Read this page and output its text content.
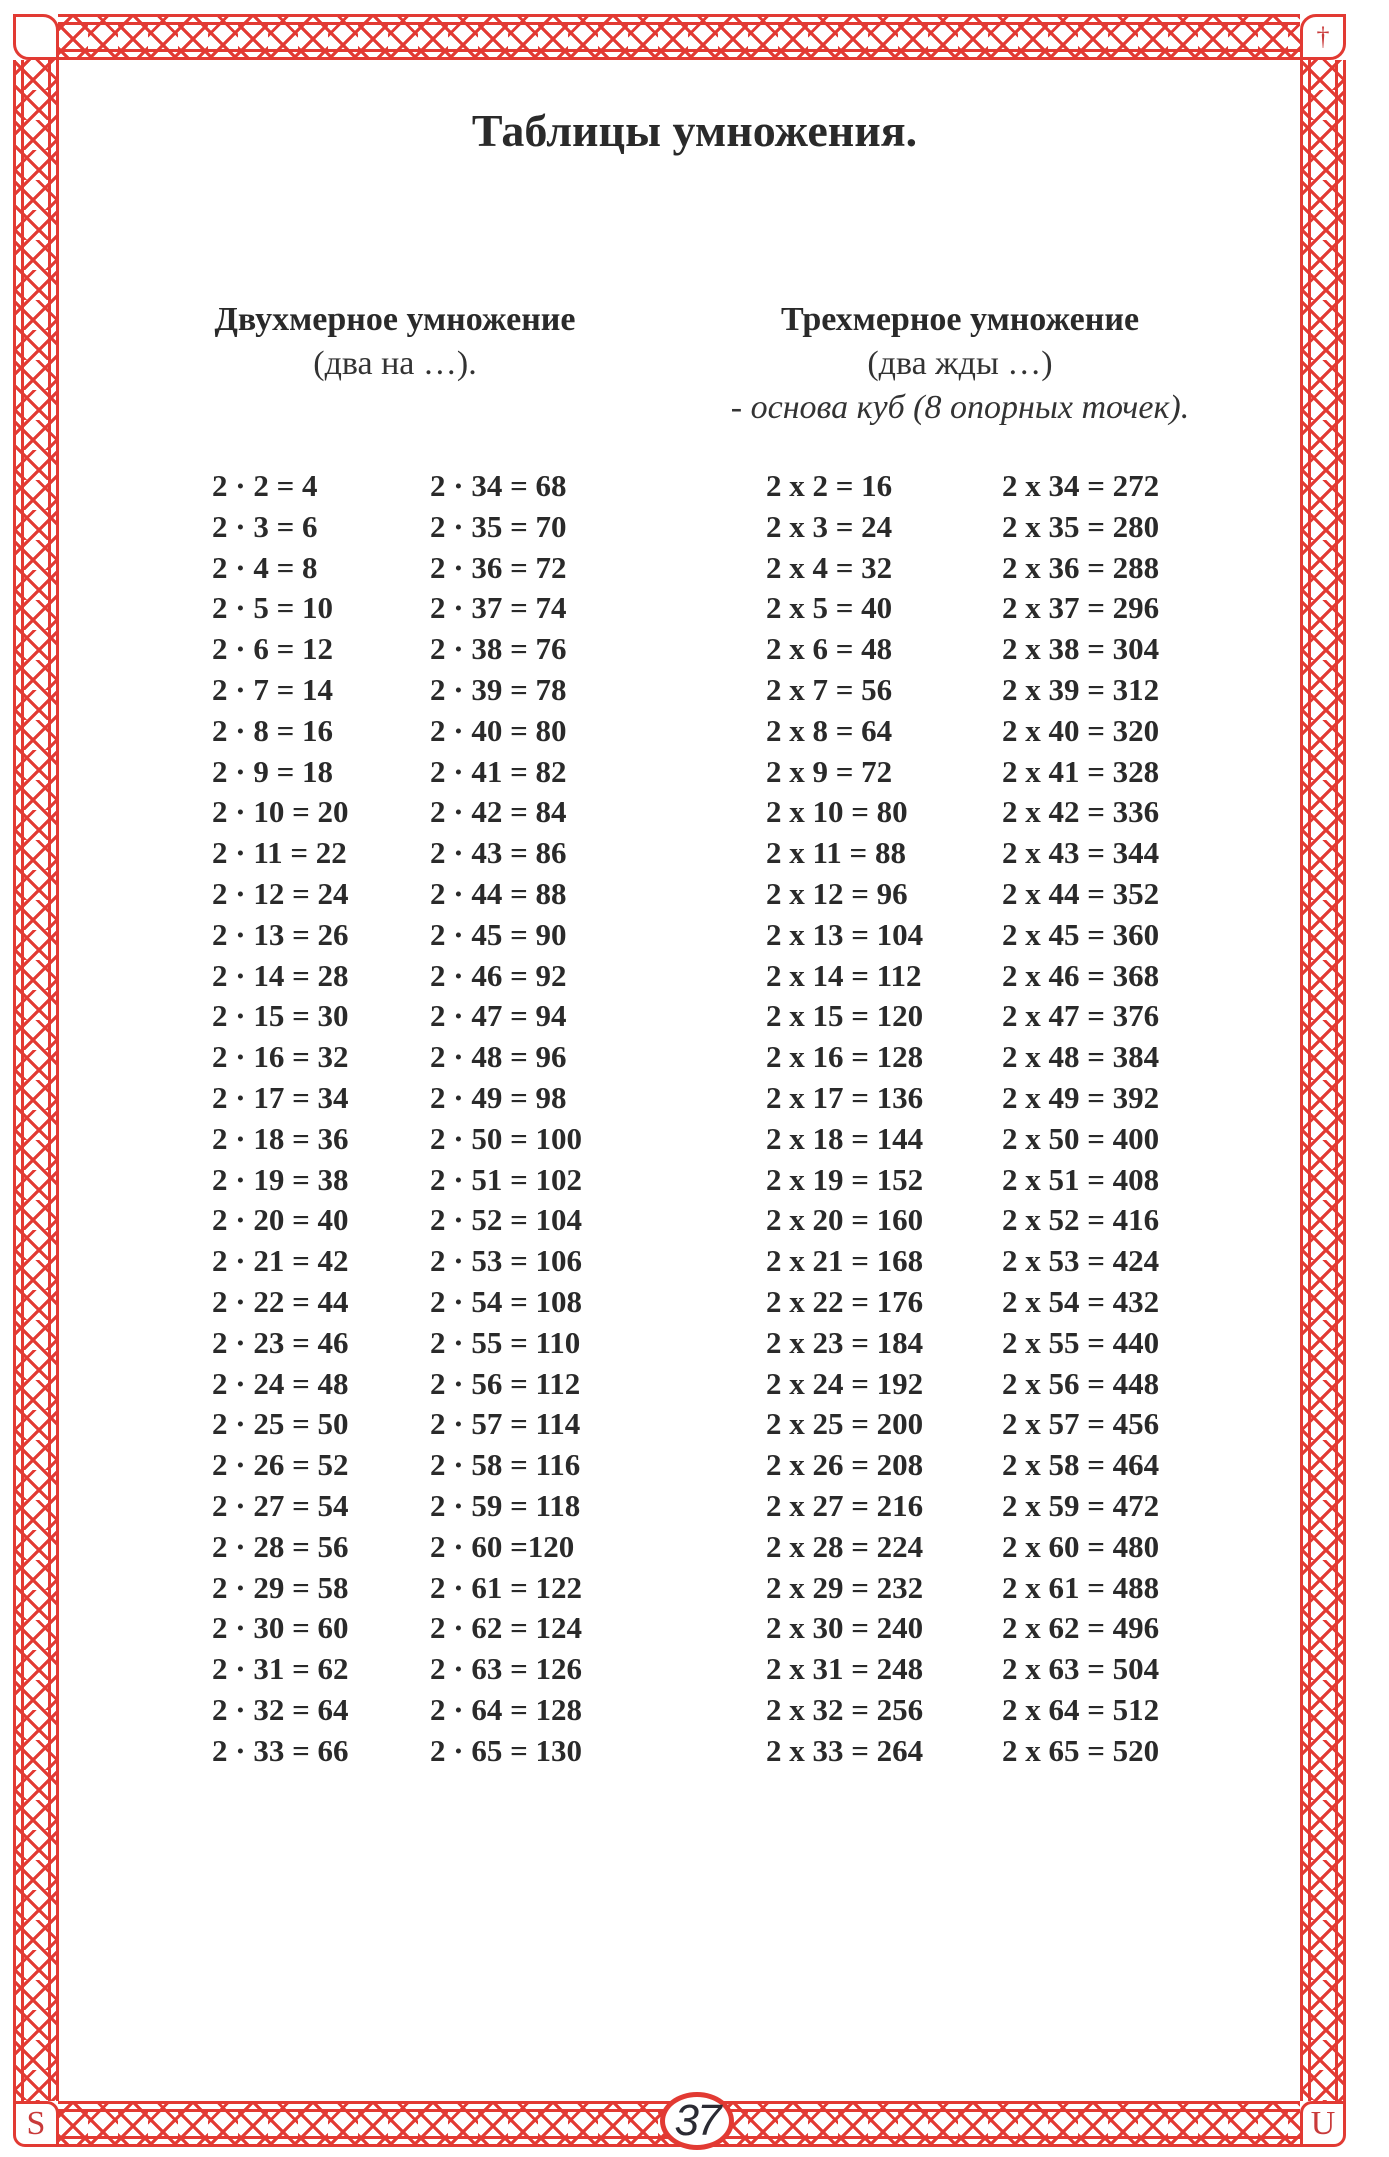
†
S	U
37
Таблицы умножения.
Двухмерное умножение
(два на …).
Трехмерное умножение
(два жды …)
- основа куб (8 опорных точек).
2 · 2 = 4
2 · 3 = 6
2 · 4 = 8
2 · 5 = 10
2 · 6 = 12
2 · 7 = 14
2 · 8 = 16
2 · 9 = 18
2 · 10 = 20
2 · 11 = 22
2 · 12 = 24
2 · 13 = 26
2 · 14 = 28
2 · 15 = 30
2 · 16 = 32
2 · 17 = 34
2 · 18 = 36
2 · 19 = 38
2 · 20 = 40
2 · 21 = 42
2 · 22 = 44
2 · 23 = 46
2 · 24 = 48
2 · 25 = 50
2 · 26 = 52
2 · 27 = 54
2 · 28 = 56
2 · 29 = 58
2 · 30 = 60
2 · 31 = 62
2 · 32 = 64
2 · 33 = 66
2 · 34 = 68
2 · 35 = 70
2 · 36 = 72
2 · 37 = 74
2 · 38 = 76
2 · 39 = 78
2 · 40 = 80
2 · 41 = 82
2 · 42 = 84
2 · 43 = 86
2 · 44 = 88
2 · 45 = 90
2 · 46 = 92
2 · 47 = 94
2 · 48 = 96
2 · 49 = 98
2 · 50 = 100
2 · 51 = 102
2 · 52 = 104
2 · 53 = 106
2 · 54 = 108
2 · 55 = 110
2 · 56 = 112
2 · 57 = 114
2 · 58 = 116
2 · 59 = 118
2 · 60 =120
2 · 61 = 122
2 · 62 = 124
2 · 63 = 126
2 · 64 = 128
2 · 65 = 130
2 x 2 = 16
2 x 3 = 24
2 x 4 = 32
2 x 5 = 40
2 x 6 = 48
2 x 7 = 56
2 x 8 = 64
2 x 9 = 72
2 x 10 = 80
2 x 11 = 88
2 x 12 = 96
2 x 13 = 104
2 x 14 = 112
2 x 15 = 120
2 x 16 = 128
2 x 17 = 136
2 x 18 = 144
2 x 19 = 152
2 x 20 = 160
2 x 21 = 168
2 x 22 = 176
2 x 23 = 184
2 x 24 = 192
2 x 25 = 200
2 x 26 = 208
2 x 27 = 216
2 x 28 = 224
2 x 29 = 232
2 x 30 = 240
2 x 31 = 248
2 x 32 = 256
2 x 33 = 264
2 x 34 = 272
2 x 35 = 280
2 x 36 = 288
2 x 37 = 296
2 x 38 = 304
2 x 39 = 312
2 x 40 = 320
2 x 41 = 328
2 x 42 = 336
2 x 43 = 344
2 x 44 = 352
2 x 45 = 360
2 x 46 = 368
2 x 47 = 376
2 x 48 = 384
2 x 49 = 392
2 x 50 = 400
2 x 51 = 408
2 x 52 = 416
2 x 53 = 424
2 x 54 = 432
2 x 55 = 440
2 x 56 = 448
2 x 57 = 456
2 x 58 = 464
2 x 59 = 472
2 x 60 = 480
2 x 61 = 488
2 x 62 = 496
2 x 63 = 504
2 x 64 = 512
2 x 65 = 520
